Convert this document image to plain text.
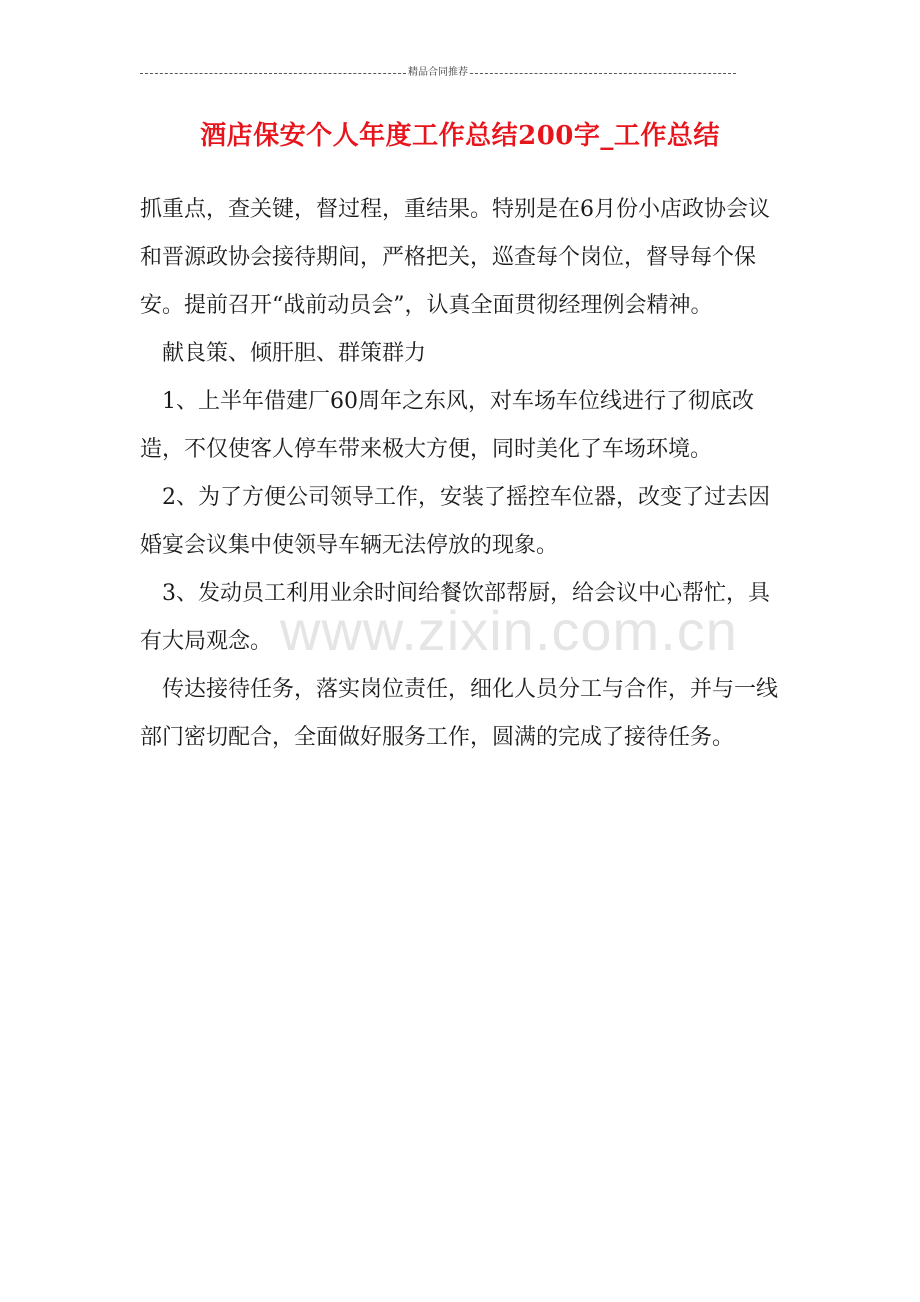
精品合同推荐
酒店保安个人年度工作总结200字_工作总结

抓重点，查关键，督过程，重结果。特别是在6月份小店政协会议和晋源政协会接待期间，严格把关，巡查每个岗位，督导每个保安。提前召开“战前动员会”，认真全面贯彻经理例会精神。

献良策、倾肝胆、群策群力

1、上半年借建厂60周年之东风，对车场车位线进行了彻底改造，不仅使客人停车带来极大方便，同时美化了车场环境。

2、为了方便公司领导工作，安装了摇控车位器，改变了过去因婚宴会议集中使领导车辆无法停放的现象。

3、发动员工利用业余时间给餐饮部帮厨，给会议中心帮忙，具有大局观念。

传达接待任务，落实岗位责任，细化人员分工与合作，并与一线部门密切配合，全面做好服务工作，圆满的完成了接待任务。

www.zixin.com.cn
